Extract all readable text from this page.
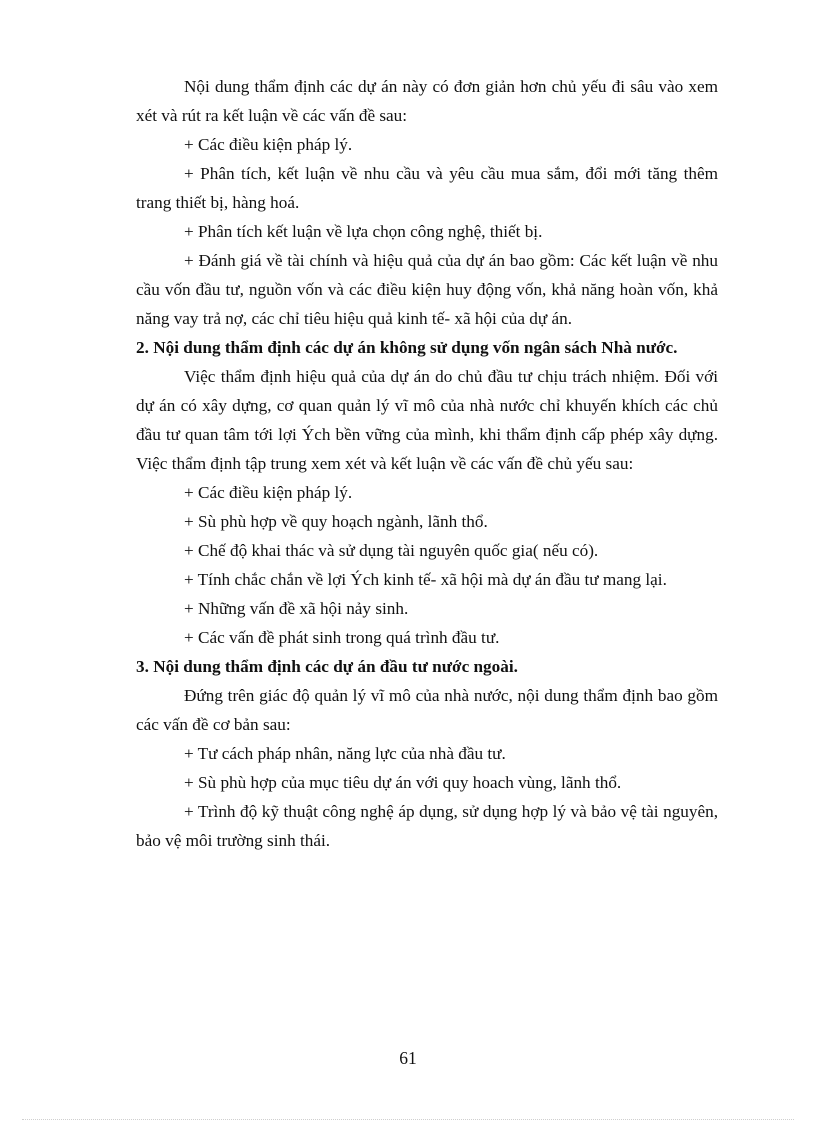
Nội dung thẩm định các dự án này có đơn giản hơn chủ yếu đi sâu vào xem xét và rút ra kết luận về các vấn đề sau:

+ Các điều kiện pháp lý.

+ Phân tích, kết luận về nhu cầu và yêu cầu mua sắm, đổi mới tăng thêm trang thiết bị, hàng hoá.

+ Phân tích kết luận về lựa chọn công nghệ, thiết bị.

+ Đánh giá về tài chính và hiệu quả của dự án bao gồm: Các kết luận về nhu cầu vốn đầu tư, nguồn vốn và các điều kiện huy động vốn, khả năng hoàn vốn, khả năng vay trả nợ, các chỉ tiêu hiệu quả kinh tế- xã hội của dự án.

2. Nội dung thẩm định các dự án không sử dụng vốn ngân sách Nhà nước.

Việc thẩm định hiệu quả của dự án do chủ đầu tư chịu trách nhiệm. Đối với dự án có xây dựng, cơ quan quản lý vĩ mô của nhà nước chỉ khuyến khích các chủ đầu tư quan tâm tới lợi Ých bền vững của mình, khi thẩm định cấp phép xây dựng. Việc thẩm định tập trung xem xét và kết luận về các vấn đề chủ yếu sau:

+ Các điều kiện pháp lý.

+ Sù phù hợp về quy hoạch ngành, lãnh thổ.

+ Chế độ khai thác và sử dụng tài nguyên quốc gia( nếu có).

+ Tính chắc chắn về lợi Ých kinh tế- xã hội mà dự án đầu tư mang lại.

+ Những vấn đề xã hội nảy sinh.

+ Các vấn đề phát sinh trong quá trình đầu tư.

3. Nội dung thẩm định các dự án đầu tư nước ngoài.

Đứng trên giác độ quản lý vĩ mô của nhà nước, nội dung thẩm định bao gồm các vấn đề cơ bản sau:

+ Tư cách pháp nhân, năng lực của nhà đầu tư.

+ Sù phù hợp của mục tiêu dự án với quy hoach vùng, lãnh thổ.

+ Trình độ kỹ thuật công nghệ áp dụng, sử dụng hợp lý và bảo vệ tài nguyên, bảo vệ môi trường sinh thái.

61
